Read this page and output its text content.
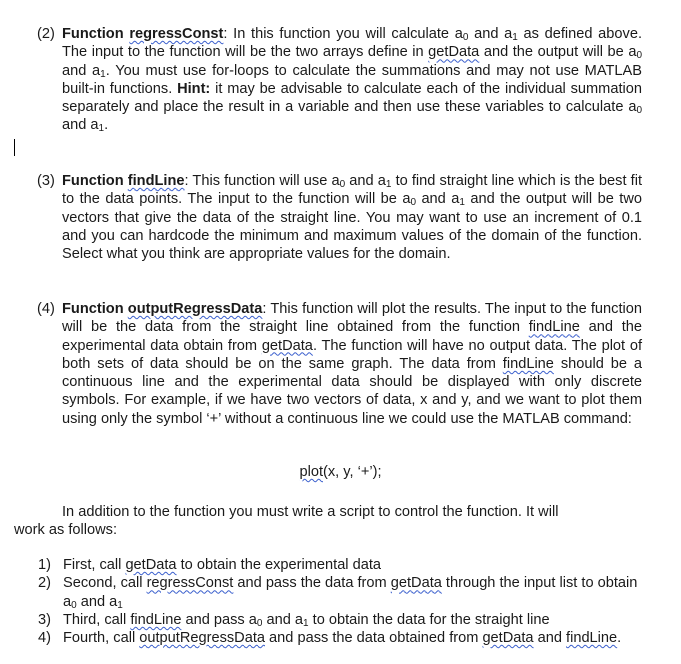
(2) Function regressConst: In this function you will calculate $a_0$ and $a_1$ as defined above. The input to the function will be the two arrays define in getData and the output will be $a_0$ and $a_1$. You must use for-loops to calculate the summations and may not use MATLAB built-in functions. Hint: it may be advisable to calculate each of the individual summation separately and place the result in a variable and then use these variables to calculate $a_0$ and $a_1$.
(3) Function findLine: This function will use $a_0$ and $a_1$ to find straight line which is the best fit to the data points. The input to the function will be $a_0$ and $a_1$ and the output will be two vectors that give the data of the straight line. You may want to use an increment of 0.1 and you can hardcode the minimum and maximum values of the domain of the function. Select what you think are appropriate values for the domain.
(4) Function outputRegressData: This function will plot the results. The input to the function will be the data from the straight line obtained from the function findLine and the experimental data obtain from getData. The function will have no output data. The plot of both sets of data should be on the same graph. The data from findLine should be a continuous line and the experimental data should be displayed with only discrete symbols. For example, if we have two vectors of data, x and y, and we want to plot them using only the symbol ‘+’ without a continuous line we could use the MATLAB command:
plot(x, y, ‘+’);
In addition to the function you must write a script to control the function. It will
work as follows:
1) First, call getData to obtain the experimental data
2) Second, call regressConst and pass the data from getData through the input list to obtain $a_0$ and $a_1$
3) Third, call findLine and pass $a_0$ and $a_1$ to obtain the data for the straight line
4) Fourth, call outputRegressData and pass the data obtained from getData and findLine.
